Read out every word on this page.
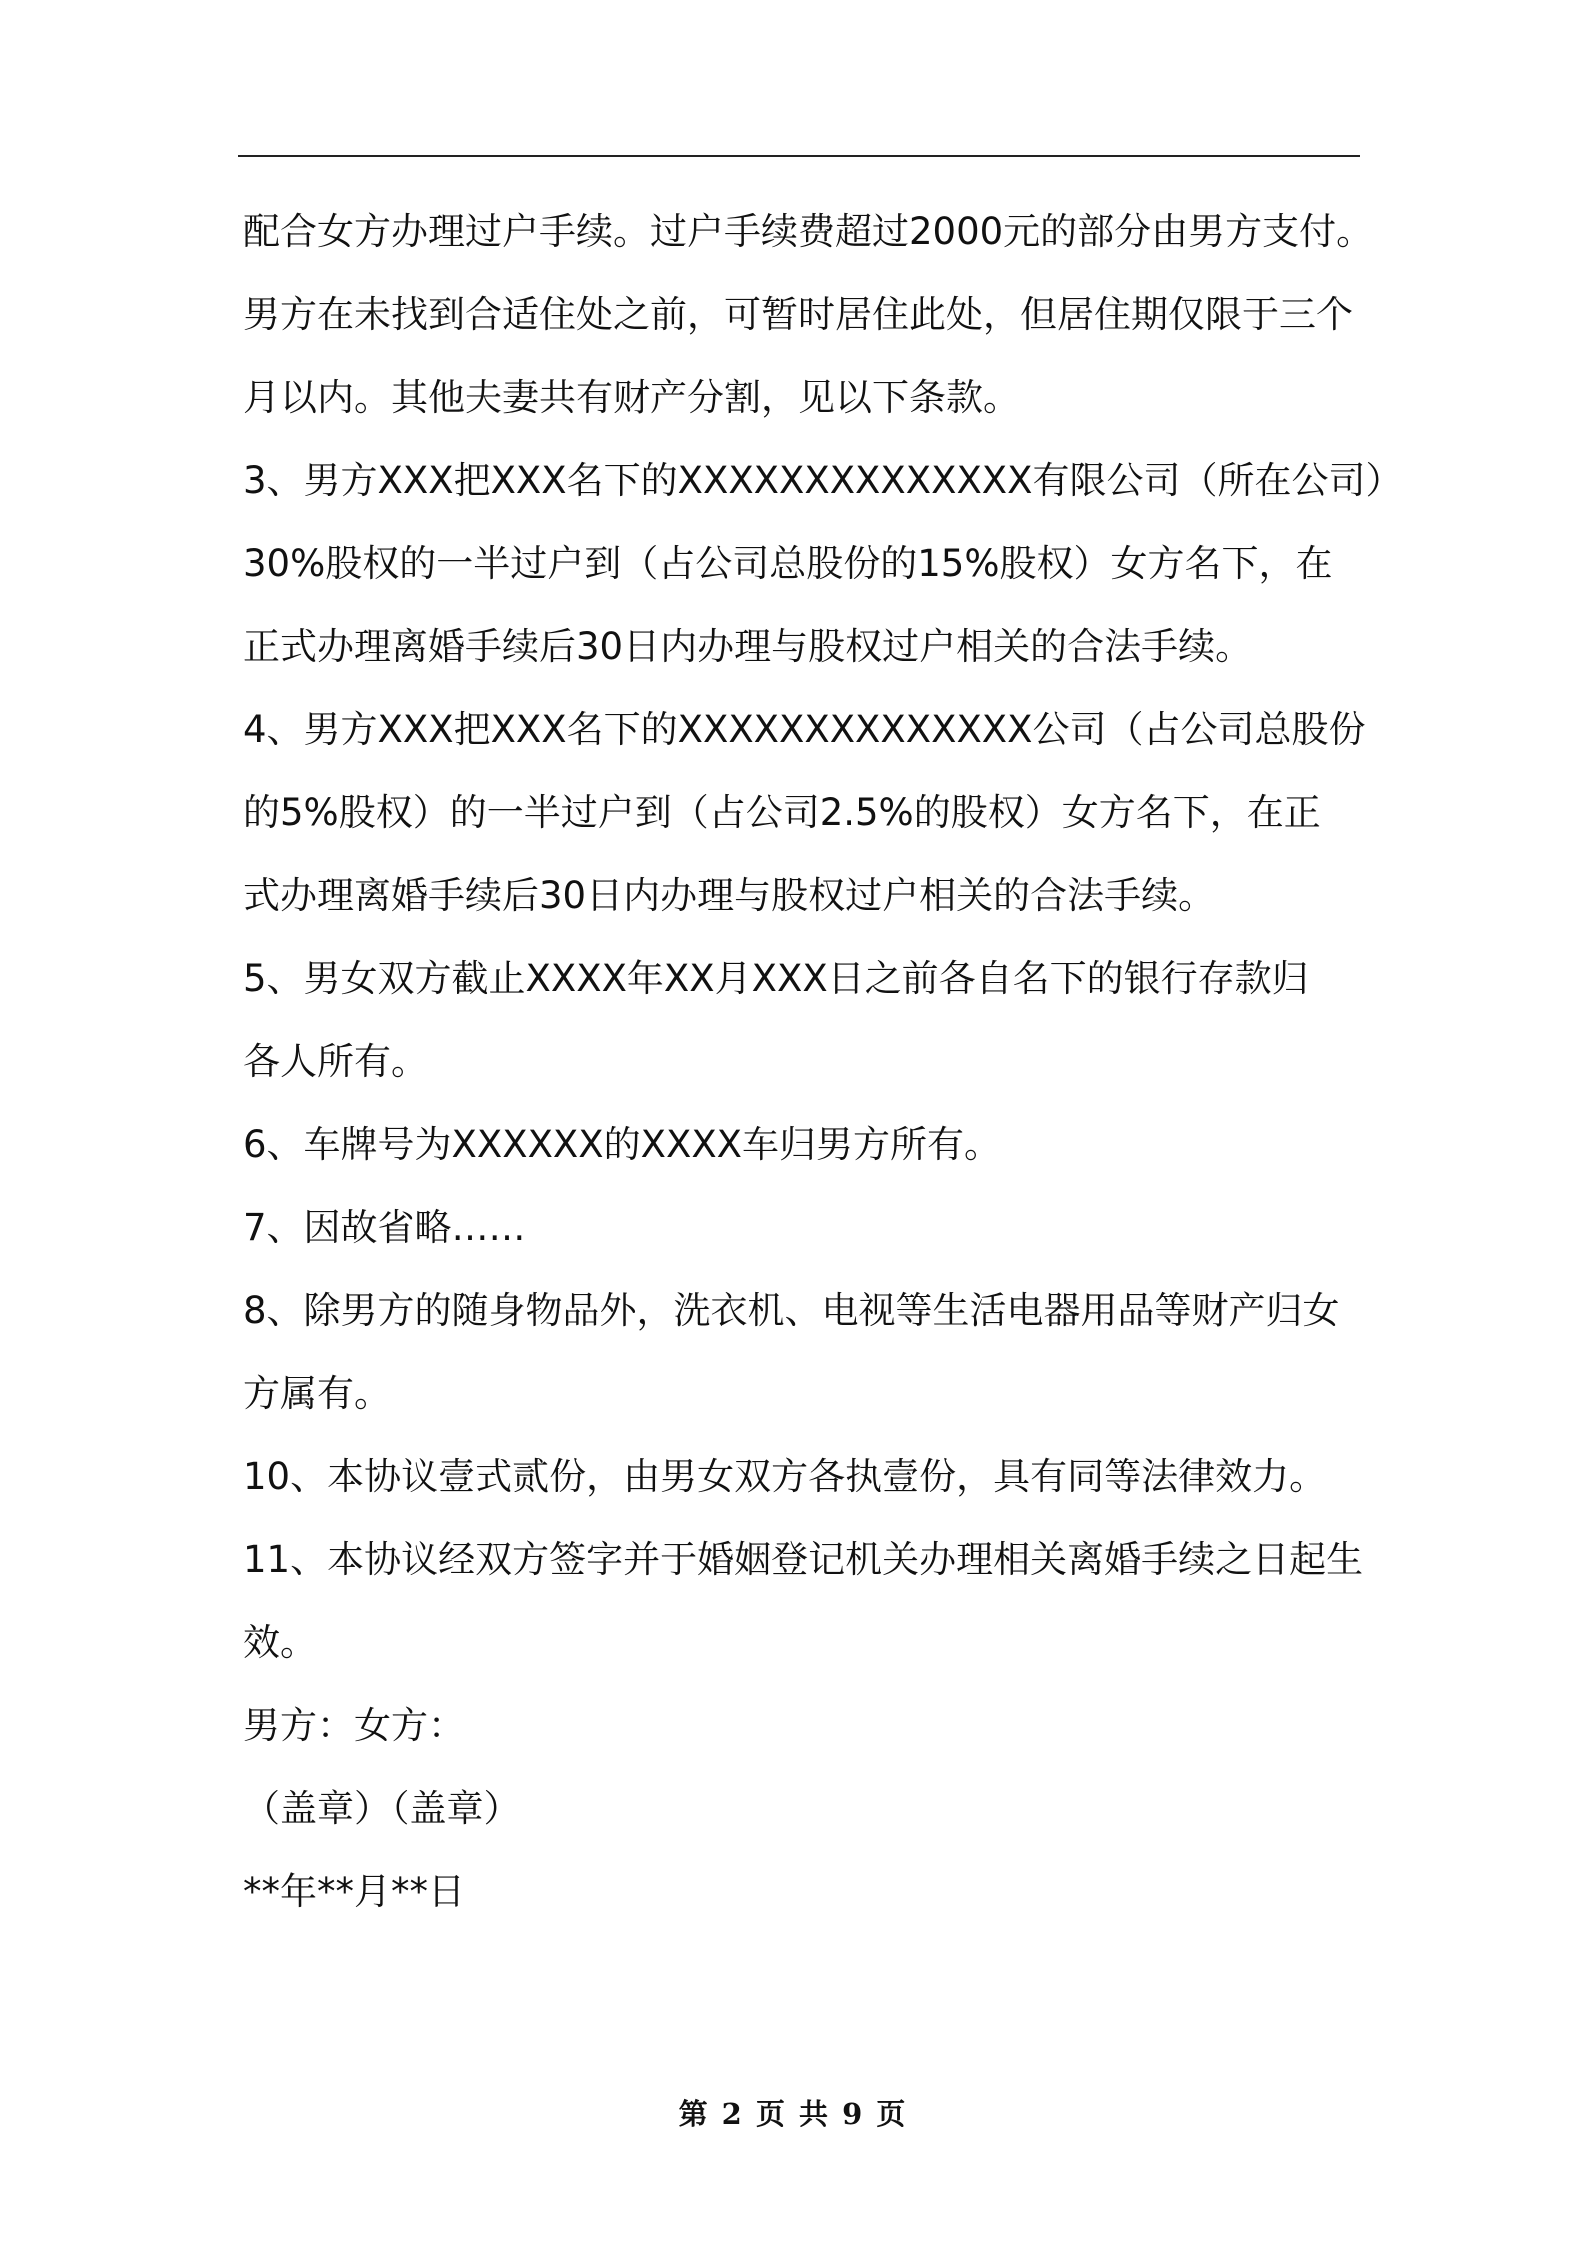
配合女方办理过户手续。过户手续费超过2000元的部分由男方支付。
男方在未找到合适住处之前，可暂时居住此处，但居住期仅限于三个
月以内。其他夫妻共有财产分割，见以下条款。
3、男方XXX把XXX名下的XXXXXXXXXXXXXX有限公司（所在公司）
30%股权的一半过户到（占公司总股份的15%股权）女方名下，在
正式办理离婚手续后30日内办理与股权过户相关的合法手续。
4、男方XXX把XXX名下的XXXXXXXXXXXXXX公司（占公司总股份
的5%股权）的一半过户到（占公司2.5%的股权）女方名下，在正
式办理离婚手续后30日内办理与股权过户相关的合法手续。
5、男女双方截止XXXX年XX月XXX日之前各自名下的银行存款归
各人所有。
6、车牌号为XXXXXX的XXXX车归男方所有。
7、因故省略……
8、除男方的随身物品外，洗衣机、电视等生活电器用品等财产归女
方属有。
10、本协议壹式贰份，由男女双方各执壹份，具有同等法律效力。
11、本协议经双方签字并于婚姻登记机关办理相关离婚手续之日起生
效。
男方：女方：
（盖章）（盖章）
**年**月**日
第 2 页 共 9 页
